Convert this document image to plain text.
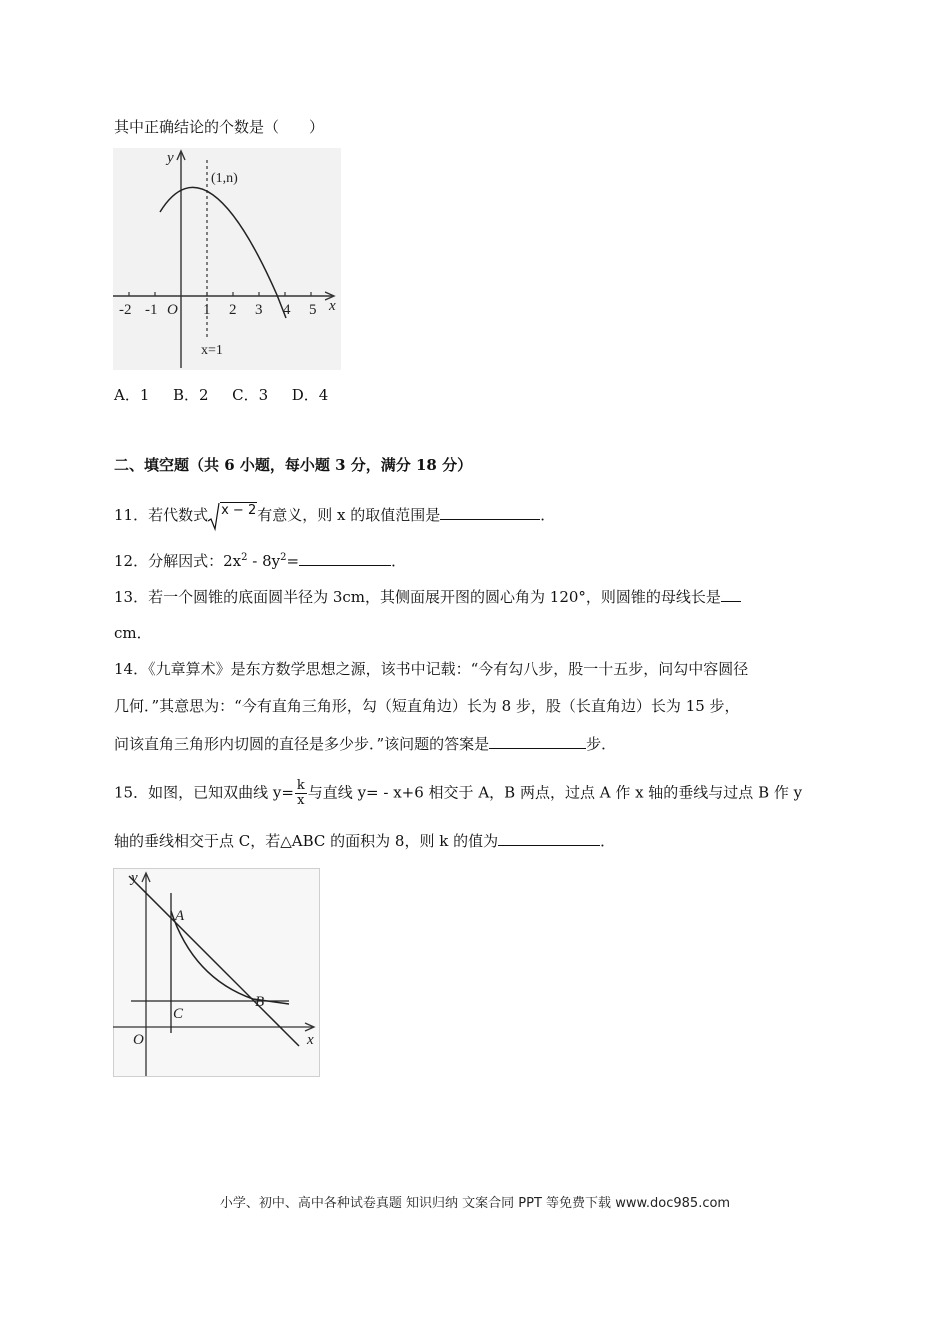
其中正确结论的个数是（　　）
y
x
O
(1,n)
x=1
-2 -1	1 2 3 4 5
A．1 B．2 C．3 D．4
二、填空题（共 6 小题，每小题 3 分，满分 18 分）
11．若代数式 x − 2有意义，则 x 的取值范围是	．
12．分解因式：$2x^2 - 8y^2=$	．
13．若一个圆锥的底面圆半径为 3cm，其侧面展开图的圆心角为 120°，则圆锥的母线长是
cm．
14．《九章算术》是东方数学思想之源，该书中记载：“今有勾八步，股一十五步，问勾中容圆径
几何．”其意思为：“今有直角三角形，勾（短直角边）长为 8 步，股（长直角边）长为 15 步，
问该直角三角形内切圆的直径是多少步．”该问题的答案是	步．
15．如图，已知双曲线 $y= \frac{k}{x}$ 与直线 y= - x+6 相交于 A，B 两点，过点 A 作 x 轴的垂线与过点 B 作 y
轴的垂线相交于点 C，若△ABC 的面积为 8，则 k 的值为	．
y
x
O
A
B
C
小学、初中、高中各种试卷真题 知识归纳 文案合同 PPT 等免费下载 www.doc985.com
